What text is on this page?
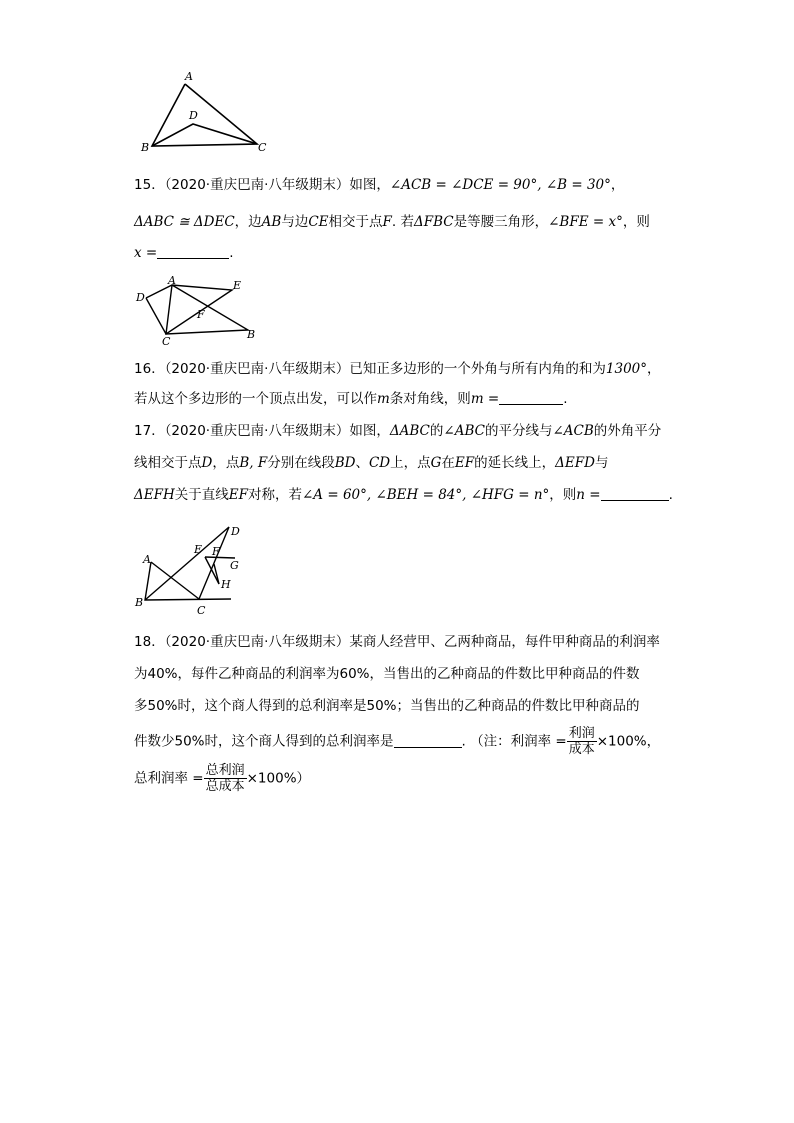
A
D
B	C
15．（2020·重庆巴南·八年级期末）如图，∠ACB = ∠DCE = 90°, ∠B = 30°，
ΔABC ≅ ΔDEC，边AB与边CE相交于点F. 若ΔFBC是等腰三角形，∠BFE = x°，则
x =	.
D
A	E
F
B
C
16．（2020·重庆巴南·八年级期末）已知正多边形的一个外角与所有内角的和为1300°，
若从这个多边形的一个顶点出发，可以作m条对角线，则m =	.
17．（2020·重庆巴南·八年级期末）如图，ΔABC的∠ABC的平分线与∠ACB的外角平分
线相交于点D，点B, F分别在线段BD、CD上，点G在EF的延长线上，ΔEFD与
ΔEFH关于直线EF对称，若∠A = 60°, ∠BEH = 84°, ∠HFG = n°，则n =	.
D
A
E F
G
H
B
C
18．（2020·重庆巴南·八年级期末）某商人经营甲、乙两种商品，每件甲种商品的利润率
为40%，每件乙种商品的利润率为60%，当售出的乙种商品的件数比甲种商品的件数
多50%时，这个商人得到的总利润率是50%；当售出的乙种商品的件数比甲种商品的
件数少50%时，这个商人得到的总利润率是	. （注：利润率 = $\frac{\text{利润}}{\text{成本}} \times 100\%$，
总利润率 = $\frac{\text{总利润}}{\text{总成本}} \times 100\%$）
